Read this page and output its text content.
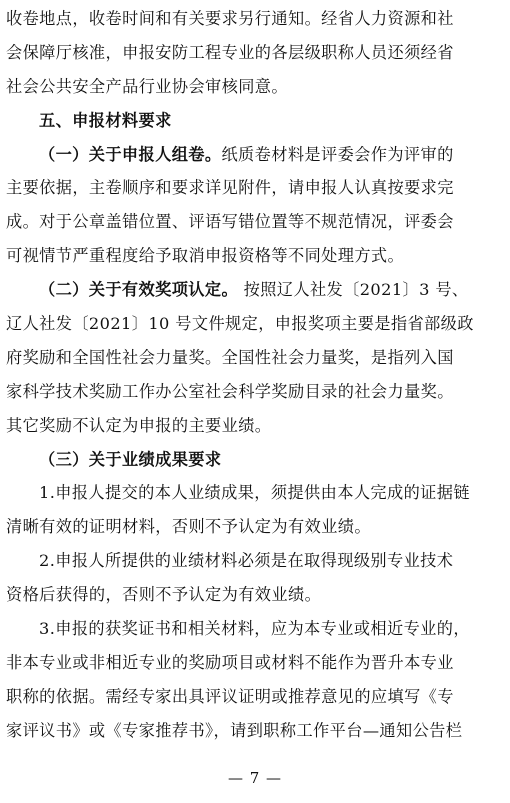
收卷地点，收卷时间和有关要求另行通知。经省人力资源和社
会保障厅核准，申报安防工程专业的各层级职称人员还须经省
社会公共安全产品行业协会审核同意。
五、申报材料要求
（一）关于申报人组卷。纸质卷材料是评委会作为评审的
主要依据，主卷顺序和要求详见附件，请申报人认真按要求完
成。对于公章盖错位置、评语写错位置等不规范情况，评委会
可视情节严重程度给予取消申报资格等不同处理方式。
（二）关于有效奖项认定。 按照辽人社发〔2021〕3 号、
辽人社发〔2021〕10 号文件规定，申报奖项主要是指省部级政
府奖励和全国性社会力量奖。全国性社会力量奖，是指列入国
家科学技术奖励工作办公室社会科学奖励目录的社会力量奖。
其它奖励不认定为申报的主要业绩。
（三）关于业绩成果要求
1.申报人提交的本人业绩成果，须提供由本人完成的证据链
清晰有效的证明材料，否则不予认定为有效业绩。
2.申报人所提供的业绩材料必须是在取得现级别专业技术
资格后获得的，否则不予认定为有效业绩。
3.申报的获奖证书和相关材料，应为本专业或相近专业的，
非本专业或非相近专业的奖励项目或材料不能作为晋升本专业
职称的依据。需经专家出具评议证明或推荐意见的应填写《专
家评议书》或《专家推荐书》，请到职称工作平台—通知公告栏
— 7 —
